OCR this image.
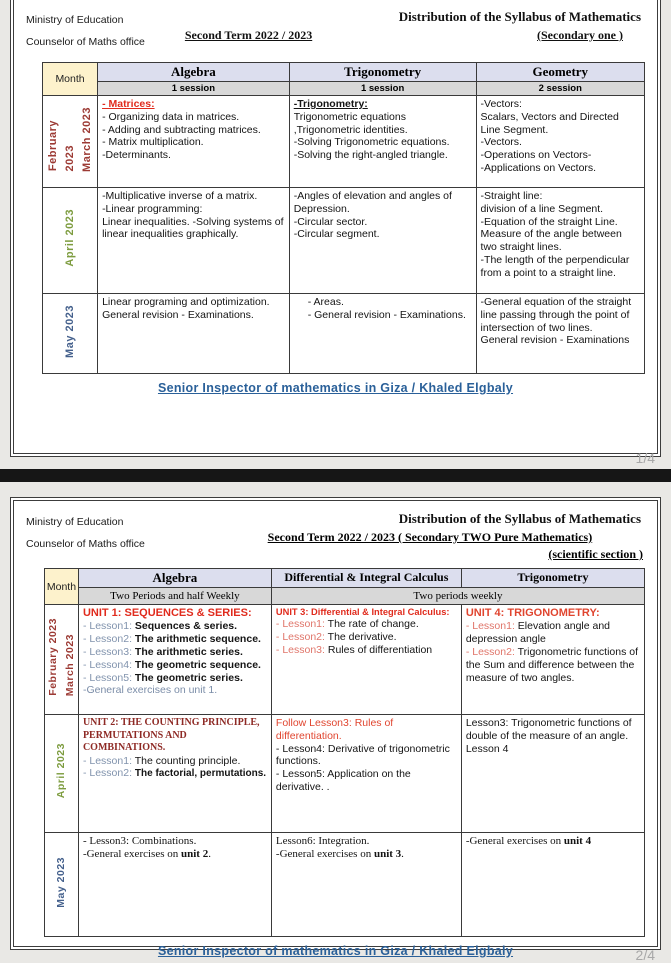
Ministry of Education
Counselor of Maths office
Distribution of the Syllabus of Mathematics
Second Term 2022 / 2023	(Secondary one )
Month	Algebra	Trigonometry	Geometry
	1 session	1 session	2 session
February 2023 March 2023	
- Matrices:
- Organizing data in matrices.
- Adding and subtracting matrices.
- Matrix multiplication.
-Determinants.

-Trigonometry:
Trigonometric equations
,Trigonometric identities.
-Solving Trigonometric equations.
-Solving the right-angled triangle.

-Vectors:
Scalars, Vectors and Directed Line Segment.
-Vectors.
-Operations on Vectors-
-Applications on Vectors.

April 2023	
-Multiplicative inverse of a matrix.
-Linear programming:
Linear inequalities. -Solving systems of linear inequalities graphically.

-Angles of elevation and angles of Depression.
-Circular sector.
-Circular segment.

-Straight line:
division of a line Segment.
-Equation of the straight Line.
Measure of the angle between two straight lines.
-The length of the perpendicular from a point to a straight line.

May 2023	
Linear programing and optimization.
General revision - Examinations.

- Areas.
- General revision - Examinations.

-General equation of the straight line passing through the point of intersection of two lines.
General revision - Examinations
Senior Inspector of mathematics in Giza / Khaled Elgbaly
1/4
Ministry of Education
Counselor of Maths office
Distribution of the Syllabus of Mathematics
Second Term 2022 / 2023 ( Secondary TWO Pure Mathematics)
(scientific section )
Month	Algebra	Differential & Integral Calculus	Trigonometry
	Two Periods and half Weekly	Two periods weekly	
February 2023 March 2023	
UNIT 1: SEQUENCES & SERIES:
- Lesson1: Sequences & series.
- Lesson2: The arithmetic sequence.
- Lesson3: The arithmetic series.
- Lesson4: The geometric sequence.
- Lesson5: The geometric series.
-General exercises on unit 1.

UNIT 3: Differential & Integral Calculus:
- Lesson1: The rate of change.
- Lesson2: The derivative.
- Lesson3: Rules of differentiation

UNIT 4: TRIGONOMETRY:
- Lesson1: Elevation angle and depression angle
- Lesson2: Trigonometric functions of the Sum and difference between the measure of two angles.

April 2023	
UNIT 2: THE COUNTING PRINCIPLE, PERMUTATIONS AND COMBINATIONS.
- Lesson1: The counting principle.
- Lesson2: The factorial, permutations.

Follow Lesson3: Rules of differentiation.
- Lesson4: Derivative of trigonometric functions.
- Lesson5: Application on the derivative. .

Lesson3: Trigonometric functions of double of the measure of an angle.
Lesson 4

May 2023	
- Lesson3: Combinations.
-General exercises on unit 2.

Lesson6: Integration.
-General exercises on unit 3.

-General exercises on unit 4
Senior Inspector of mathematics in Giza / Khaled Elgbaly	2/4
